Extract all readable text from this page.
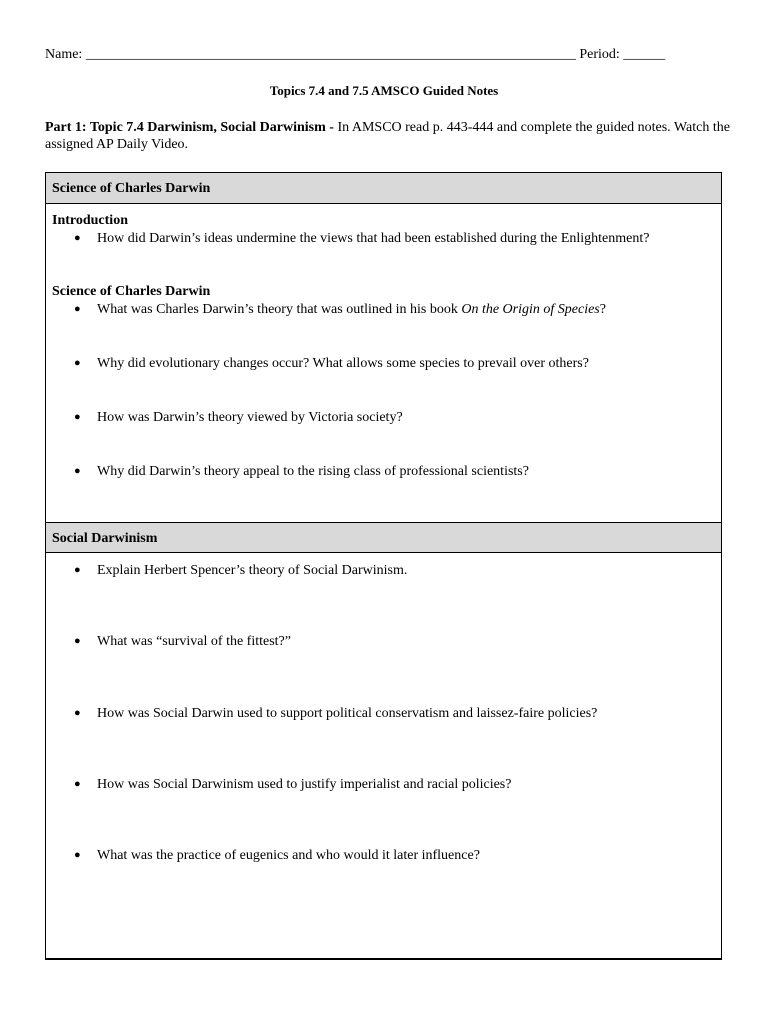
Name: ______________________________________________________________________ Period: ______
Topics 7.4 and 7.5 AMSCO Guided Notes
Part 1: Topic 7.4 Darwinism, Social Darwinism - In AMSCO read p. 443-444 and complete the guided notes. Watch the assigned AP Daily Video.
Science of Charles Darwin
Introduction
● How did Darwin’s ideas undermine the views that had been established during the Enlightenment?
Science of Charles Darwin
● What was Charles Darwin’s theory that was outlined in his book On the Origin of Species?
● Why did evolutionary changes occur? What allows some species to prevail over others?
● How was Darwin’s theory viewed by Victoria society?
● Why did Darwin’s theory appeal to the rising class of professional scientists?
Social Darwinism
● Explain Herbert Spencer’s theory of Social Darwinism.
● What was “survival of the fittest?”
● How was Social Darwin used to support political conservatism and laissez-faire policies?
● How was Social Darwinism used to justify imperialist and racial policies?
● What was the practice of eugenics and who would it later influence?
